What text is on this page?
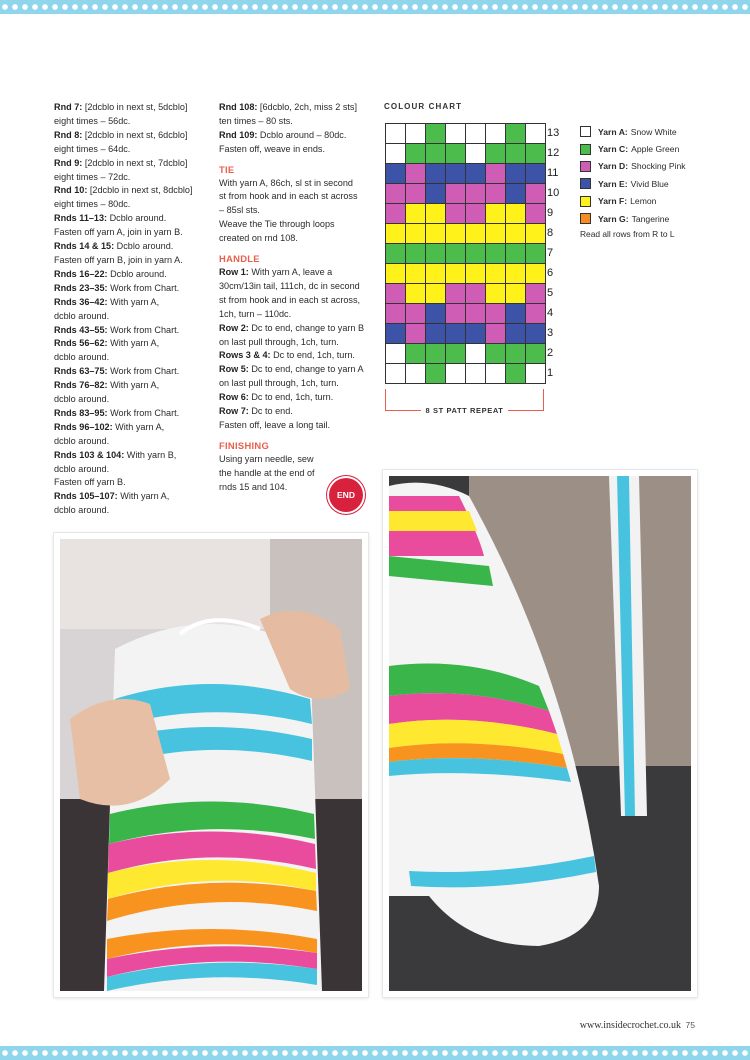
Rnd 7: [2dcblo in next st, 5dcblo]
eight times – 56dc.
Rnd 8: [2dcblo in next st, 6dcblo]
eight times – 64dc.
Rnd 9: [2dcblo in next st, 7dcblo]
eight times – 72dc.
Rnd 10: [2dcblo in next st, 8dcblo]
eight times – 80dc.
Rnds 11–13: Dcblo around.
Fasten off yarn A, join in yarn B.
Rnds 14 & 15: Dcblo around.
Fasten off yarn B, join in yarn A.
Rnds 16–22: Dcblo around.
Rnds 23–35: Work from Chart.
Rnds 36–42: With yarn A,
dcblo around.
Rnds 43–55: Work from Chart.
Rnds 56–62: With yarn A,
dcblo around.
Rnds 63–75: Work from Chart.
Rnds 76–82: With yarn A,
dcblo around.
Rnds 83–95: Work from Chart.
Rnds 96–102: With yarn A,
dcblo around.
Rnds 103 & 104: With yarn B,
dcblo around.
Fasten off yarn B.
Rnds 105–107: With yarn A,
dcblo around.
Rnd 108: [6dcblo, 2ch, miss 2 sts]
ten times – 80 sts.
Rnd 109: Dcblo around – 80dc.
Fasten off, weave in ends.
TIE
With yarn A, 86ch, sl st in second
st from hook and in each st across
– 85sl sts.
Weave the Tie through loops
created on rnd 108.
HANDLE
Row 1: With yarn A, leave a
30cm/13in tail, 111ch, dc in second
st from hook and in each st across,
1ch, turn – 110dc.
Row 2: Dc to end, change to yarn B
on last pull through, 1ch, turn.
Rows 3 & 4: Dc to end, 1ch, turn.
Row 5: Dc to end, change to yarn A
on last pull through, 1ch, turn.
Row 6: Dc to end, 1ch, turn.
Row 7: Dc to end.
Fasten off, leave a long tail.
FINISHING
Using yarn needle, sew
the handle at the end of
rnds 15 and 104.
END
COLOUR CHART
13
12
11
10
9
8
7
6
5
4
3
2
1
8 ST PATT REPEAT
Yarn A: Snow White
Yarn C: Apple Green
Yarn D: Shocking Pink
Yarn E: Vivid Blue
Yarn F: Lemon
Yarn G: Tangerine
Read all rows from R to L
www.insidecrochet.co.uk 75
